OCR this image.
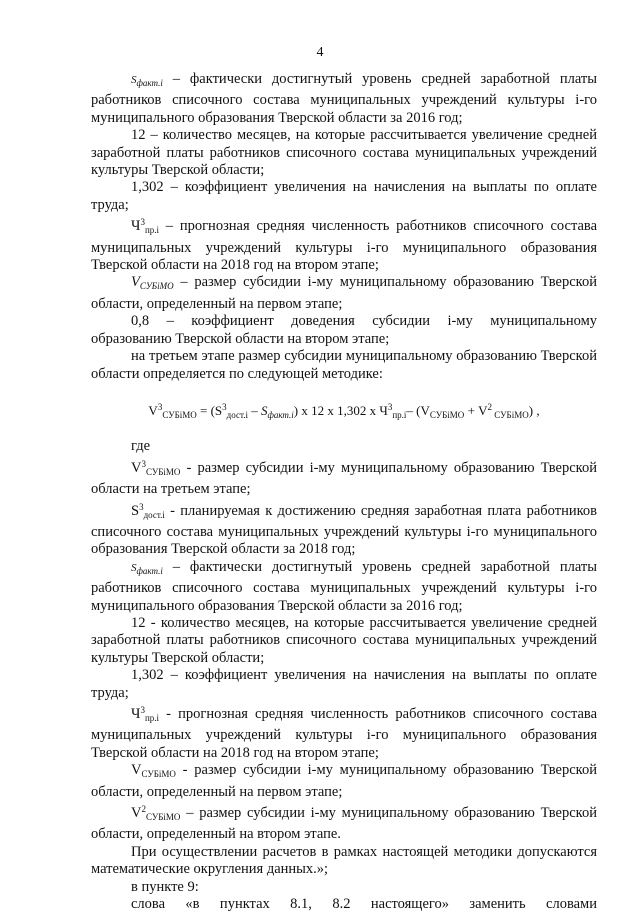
4

$S_{факт.i}$ – фактически достигнутый уровень средней заработной платы работников списочного состава муниципальных учреждений культуры i-го муниципального образования Тверской области за 2016 год;

12 – количество месяцев, на которые рассчитывается увеличение средней заработной платы работников списочного состава муниципальных учреждений культуры Тверской области;

1,302 – коэффициент увеличения на начисления на выплаты по оплате труда;

$Ч^3_{пр.i}$ – прогнозная средняя численность работников списочного состава муниципальных учреждений культуры i-го муниципального образования Тверской области на 2018 год на втором этапе;

$V_{СУБiМО}$ – размер субсидии i-му муниципальному образованию Тверской области, определенный на первом этапе;

0,8 – коэффициент доведения субсидии i-му муниципальному образованию Тверской области на втором этапе;

на третьем этапе размер субсидии муниципальному образованию Тверской области определяется по следующей методике:

$V^3_{СУБiМО} = (S^3_{дост.i} - S_{факт.i})$ х 12 х 1,302 х $Ч^3_{пр.i}-$ ($V_{СУБiМО} + V^2$ $_{СУБiМО}$) ,

где

$V^3_{СУБiМО}$ - размер субсидии i-му муниципальному образованию Тверской области на третьем этапе;

$S^3_{дост.i}$ - планируемая к достижению средняя заработная плата работников списочного состава муниципальных учреждений культуры i-го муниципального образования Тверской области за 2018 год;

$S_{факт.i}$ – фактически достигнутый уровень средней заработной платы работников списочного состава муниципальных учреждений культуры i-го муниципального образования Тверской области за 2016 год;

12 - количество месяцев, на которые рассчитывается увеличение средней заработной платы работников списочного состава муниципальных учреждений культуры Тверской области;

1,302 – коэффициент увеличения на начисления на выплаты по оплате труда;

$Ч^3_{пр.i}$ - прогнозная средняя численность работников списочного состава муниципальных учреждений культуры i-го муниципального образования Тверской области на 2018 год на втором этапе;

$V_{СУБiМО}$ - размер субсидии i-му муниципальному образованию Тверской области, определенный на первом этапе;

$V^2_{СУБiМО}$ – размер субсидии i-му муниципальному образованию Тверской области, определенный на втором этапе.

При осуществлении расчетов в рамках настоящей методики допускаются математические округления данных.»;

в пункте 9:

слова «в пунктах 8.1, 8.2 настоящего» заменить словами
